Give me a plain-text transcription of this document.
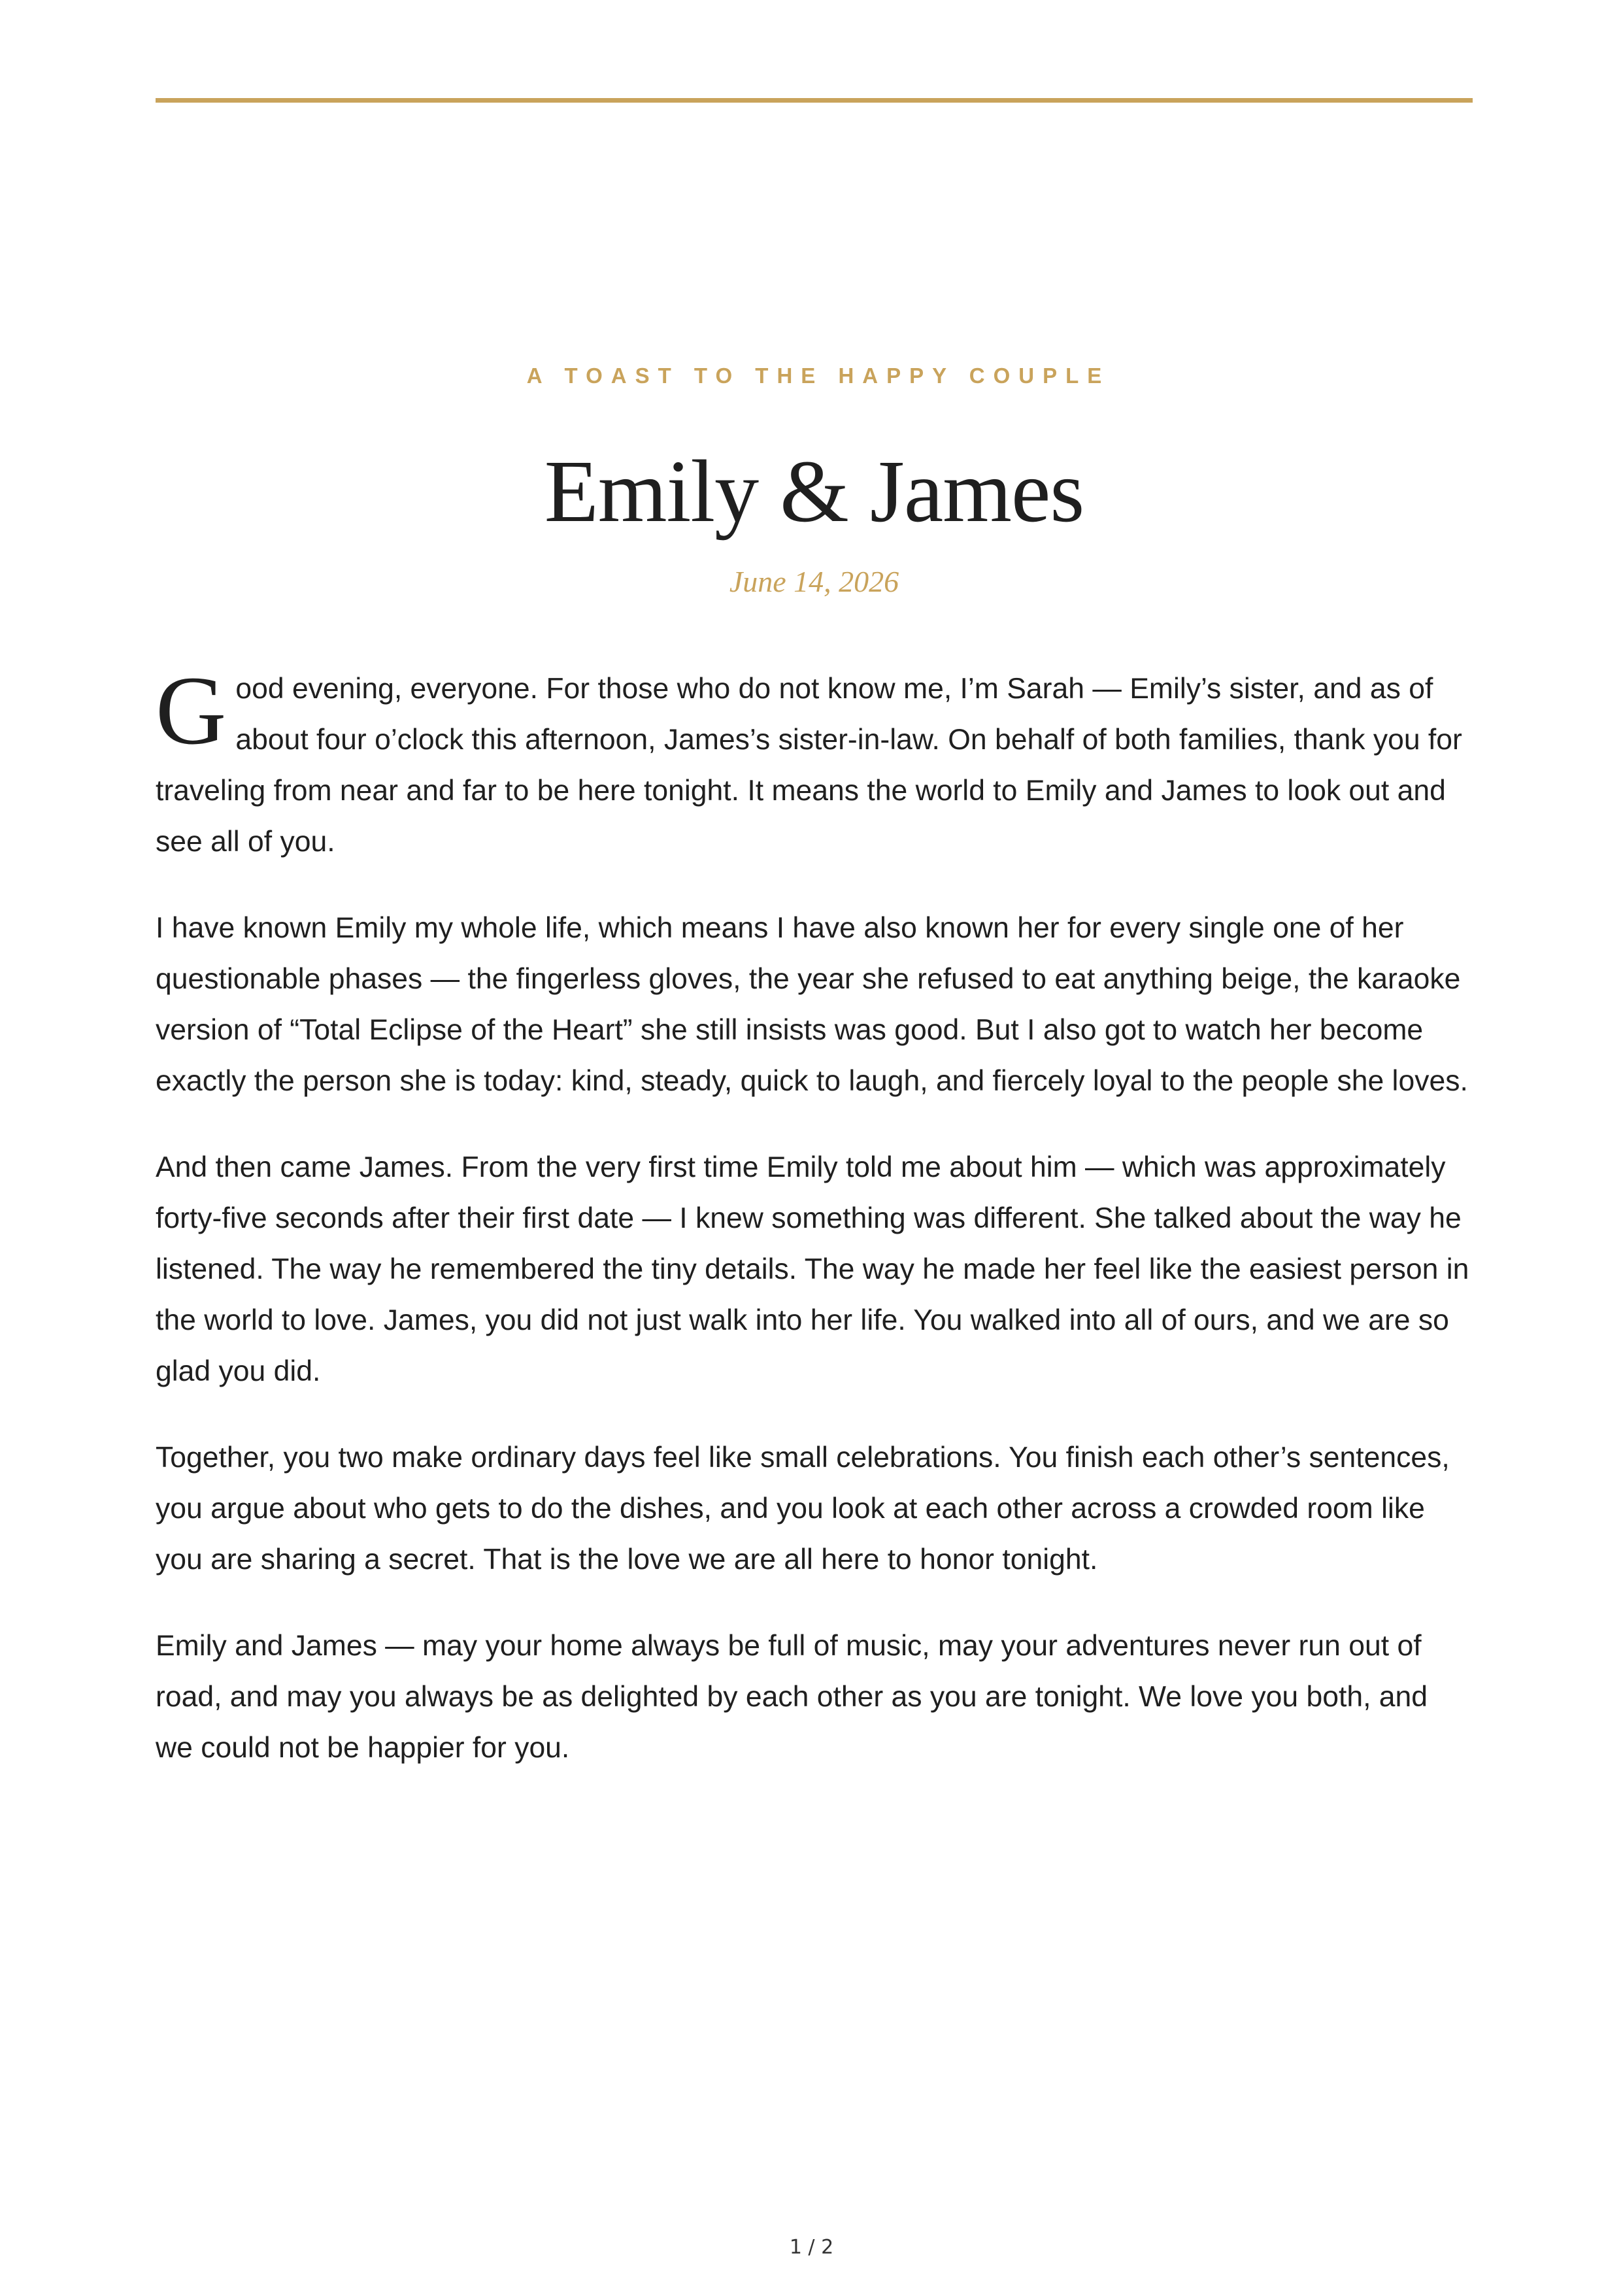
A TOAST TO THE HAPPY COUPLE

Emily & James

June 14, 2026

Good evening, everyone. For those who do not know me, I’m Sarah — Emily’s sister, and as of about four o’clock this afternoon, James’s sister-in-law. On behalf of both families, thank you for traveling from near and far to be here tonight. It means the world to Emily and James to look out and see all of you.

I have known Emily my whole life, which means I have also known her for every single one of her questionable phases — the fingerless gloves, the year she refused to eat anything beige, the karaoke version of “Total Eclipse of the Heart” she still insists was good. But I also got to watch her become exactly the person she is today: kind, steady, quick to laugh, and fiercely loyal to the people she loves.

And then came James. From the very first time Emily told me about him — which was approximately forty-five seconds after their first date — I knew something was different. She talked about the way he listened. The way he remembered the tiny details. The way he made her feel like the easiest person in the world to love. James, you did not just walk into her life. You walked into all of ours, and we are so glad you did.

Together, you two make ordinary days feel like small celebrations. You finish each other’s sentences, you argue about who gets to do the dishes, and you look at each other across a crowded room like you are sharing a secret. That is the love we are all here to honor tonight.

Emily and James — may your home always be full of music, may your adventures never run out of road, and may you always be as delighted by each other as you are tonight. We love you both, and we could not be happier for you.

1 / 2
